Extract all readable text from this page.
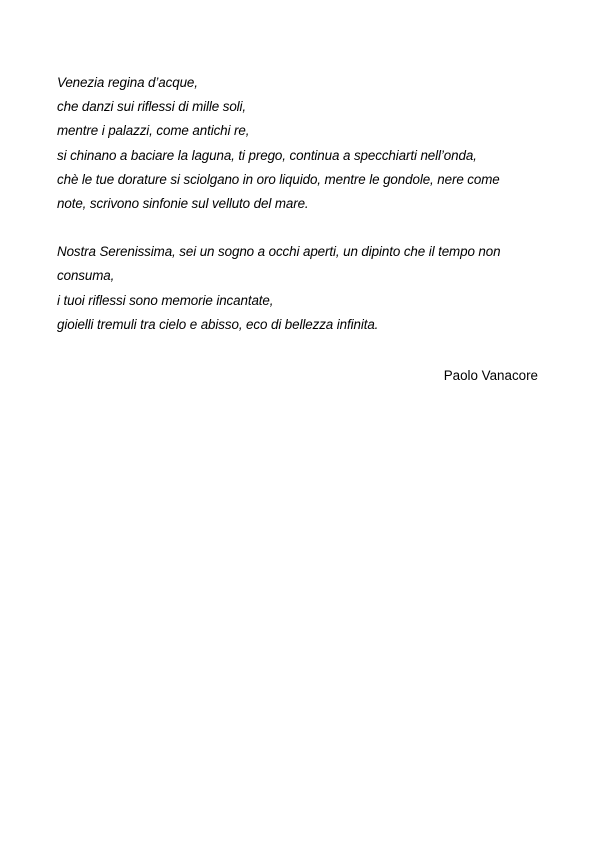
Venezia regina d’acque,
che danzi sui riflessi di mille soli,
mentre i palazzi, come antichi re,
si chinano a baciare la laguna, ti prego, continua a specchiarti nell’onda,
chè le tue dorature si sciolgano in oro liquido, mentre le gondole, nere come
note, scrivono sinfonie sul velluto del mare.
Nostra Serenissima, sei un sogno a occhi aperti, un dipinto che il tempo non
consuma,
i tuoi riflessi sono memorie incantate,
gioielli tremuli tra cielo e abisso, eco di bellezza infinita.
Paolo Vanacore
